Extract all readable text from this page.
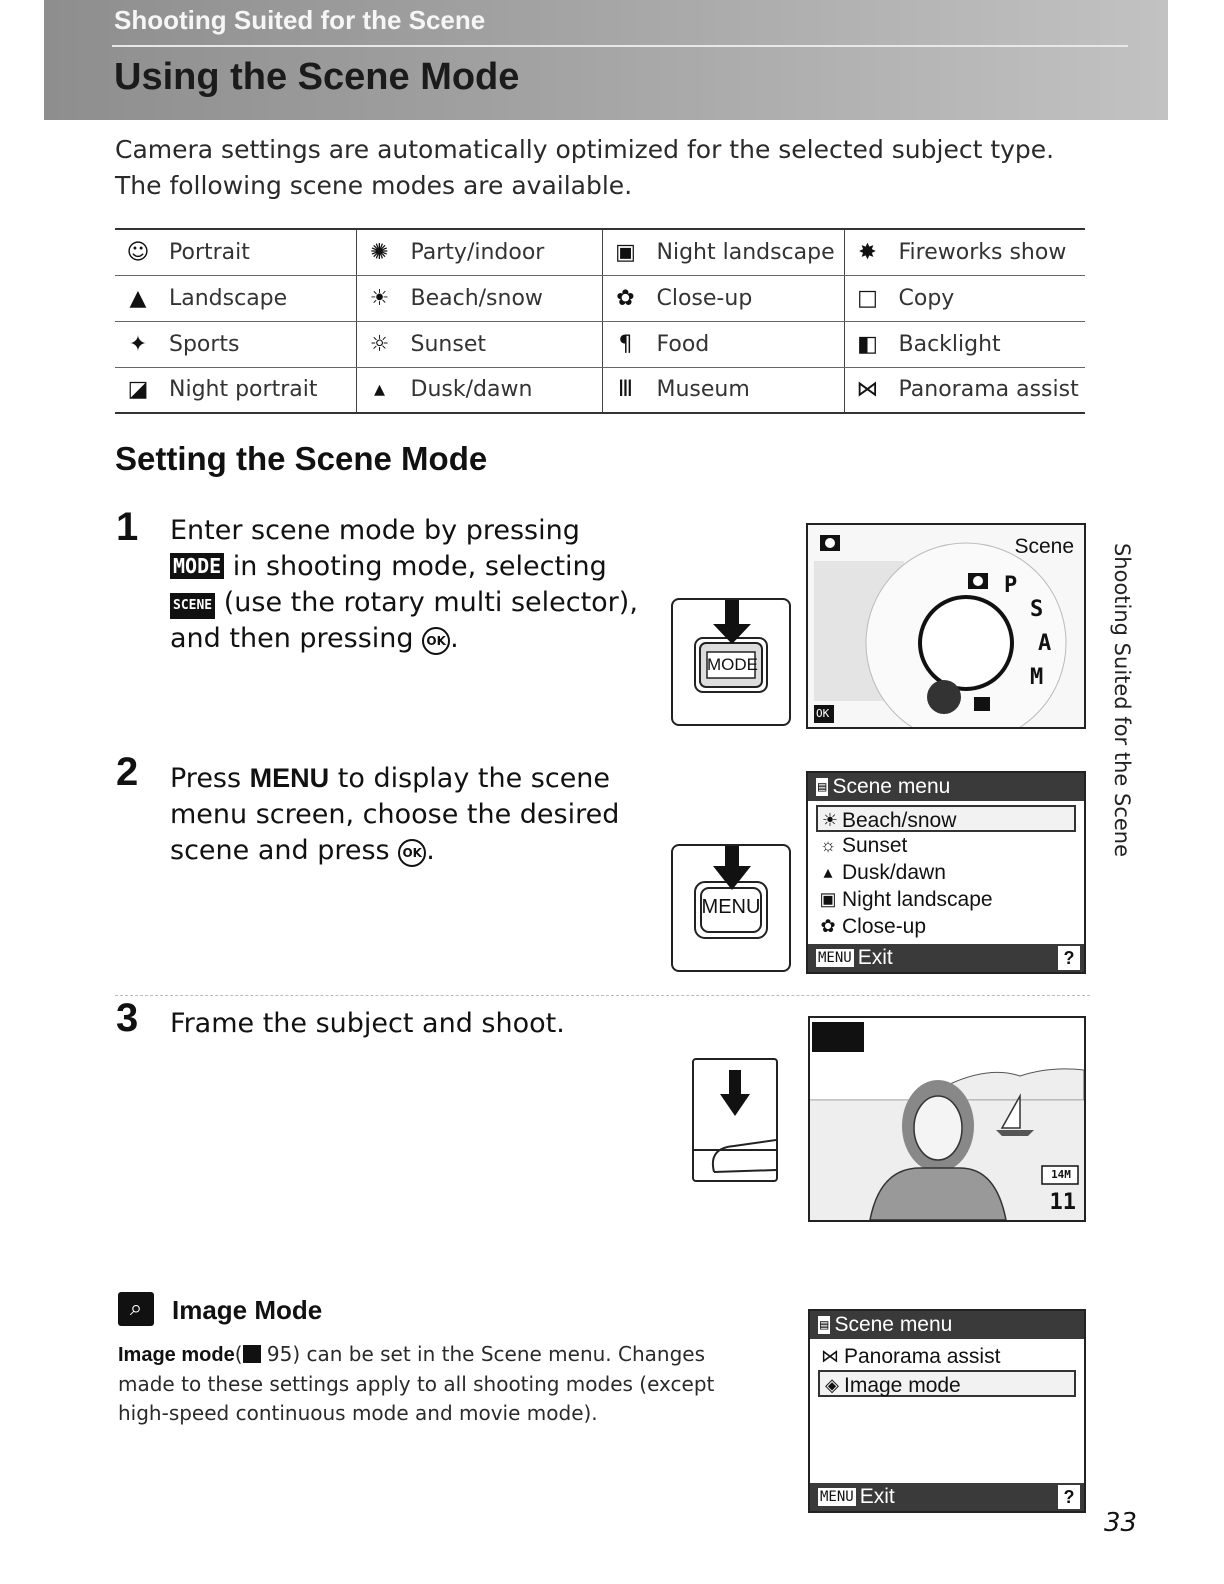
Shooting Suited for the Scene
Using the Scene Mode
Camera settings are automatically optimized for the selected subject type. The following scene modes are available.
☺ Portrait	✺ Party/indoor	▣ Night landscape	✸ Fireworks show
▲ Landscape	☀ Beach/snow	✿ Close-up	□ Copy
✦ Sports	☼ Sunset	¶ Food	◧ Backlight
◪ Night portrait	▴ Dusk/dawn	Ⅲ Museum	⋈ Panorama assist
Setting the Scene Mode
1 Enter scene mode by pressing MODE in shooting mode, selecting SCENE (use the rotary multi selector), and then pressing OK .
MODE
Scene
P
S
A
M
OK
2 Press MENU to display the scene menu screen, choose the desired scene and press OK .
MENU
▤ Scene menu
☀ Beach/snow
☼ Sunset
▴ Dusk/dawn
▣ Night landscape
✿ Close-up
MENU Exit	?
3 Frame the subject and shoot.
14M
11
⌕	Image Mode
Image mode( 95) can be set in the Scene menu. Changes made to these settings apply to all shooting modes (except high-speed continuous mode and movie mode).
▤ Scene menu
⋈ Panorama assist
◈ Image mode
MENU Exit	?
Shooting Suited for the Scene
33
